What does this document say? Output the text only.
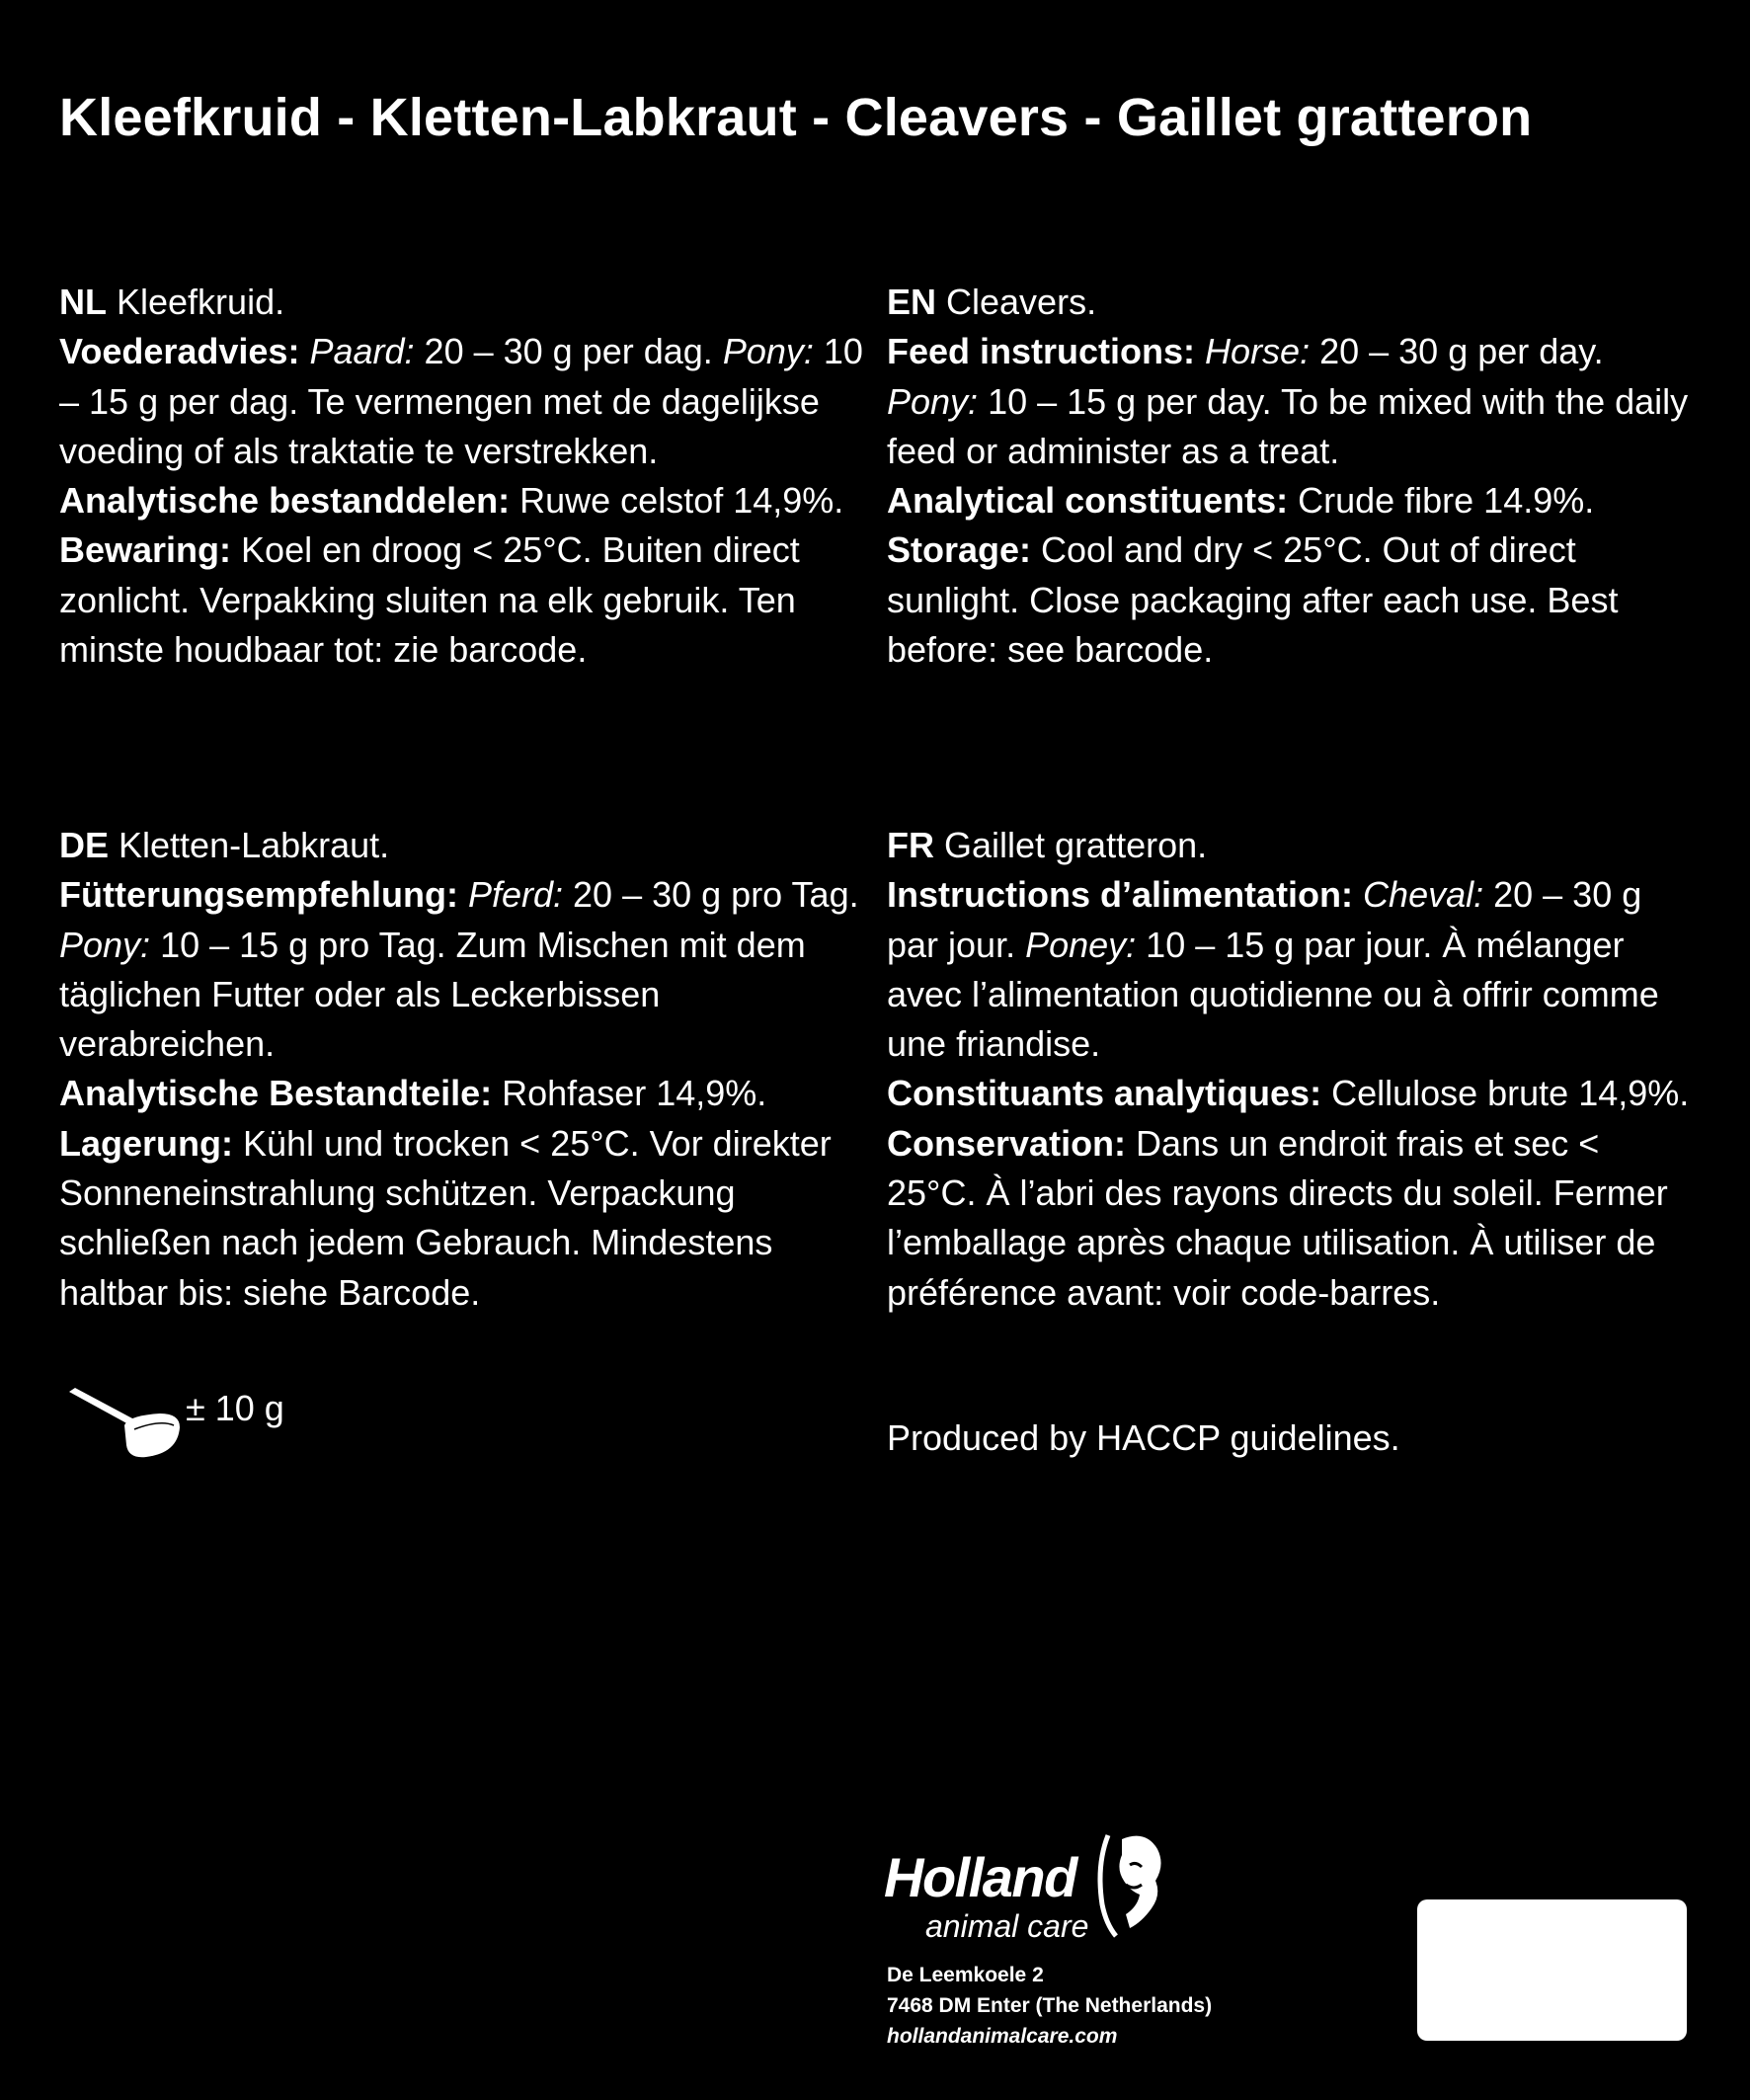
Kleefkruid - Kletten-Labkraut - Cleavers - Gaillet gratteron

NL Kleefkruid.

Voederadvies: Paard: 20 – 30 g per dag. Pony: 10 – 15 g per dag. Te vermengen met de dagelijkse voeding of als traktatie te verstrekken.

Analytische bestanddelen: Ruwe celstof 14,9%.

Bewaring: Koel en droog < 25°C. Buiten direct zonlicht. Verpakking sluiten na elk gebruik. Ten minste houdbaar tot: zie barcode.

EN Cleavers.

Feed instructions: Horse: 20 – 30 g per day. Pony: 10 – 15 g per day. To be mixed with the daily feed or administer as a treat.

Analytical constituents: Crude fibre 14.9%.

Storage: Cool and dry < 25°C. Out of direct sunlight. Close packaging after each use. Best before: see barcode.

DE Kletten-Labkraut.

Fütterungsempfehlung: Pferd: 20 – 30 g pro Tag. Pony: 10 – 15 g pro Tag. Zum Mischen mit dem täglichen Futter oder als Leckerbissen verabreichen.

Analytische Bestandteile: Rohfaser 14,9%.

Lagerung: Kühl und trocken < 25°C. Vor direkter Sonneneinstrahlung schützen. Verpackung schließen nach jedem Gebrauch. Mindestens haltbar bis: siehe Barcode.

FR Gaillet gratteron.

Instructions d’alimentation: Cheval: 20 – 30 g par jour. Poney: 10 – 15 g par jour. À mélanger avec l’alimentation quotidienne ou à offrir comme une friandise.

Constituants analytiques: Cellulose brute 14,9%.

Conservation: Dans un endroit frais et sec < 25°C. À l’abri des rayons directs du soleil. Fermer l’emballage après chaque utilisation. À utiliser de préférence avant: voir code-barres.

Produced by HACCP guidelines.
± 10 g
Holland
animal care
De Leemkoele 2
7468 DM Enter (The Netherlands)
hollandanimalcare.com
